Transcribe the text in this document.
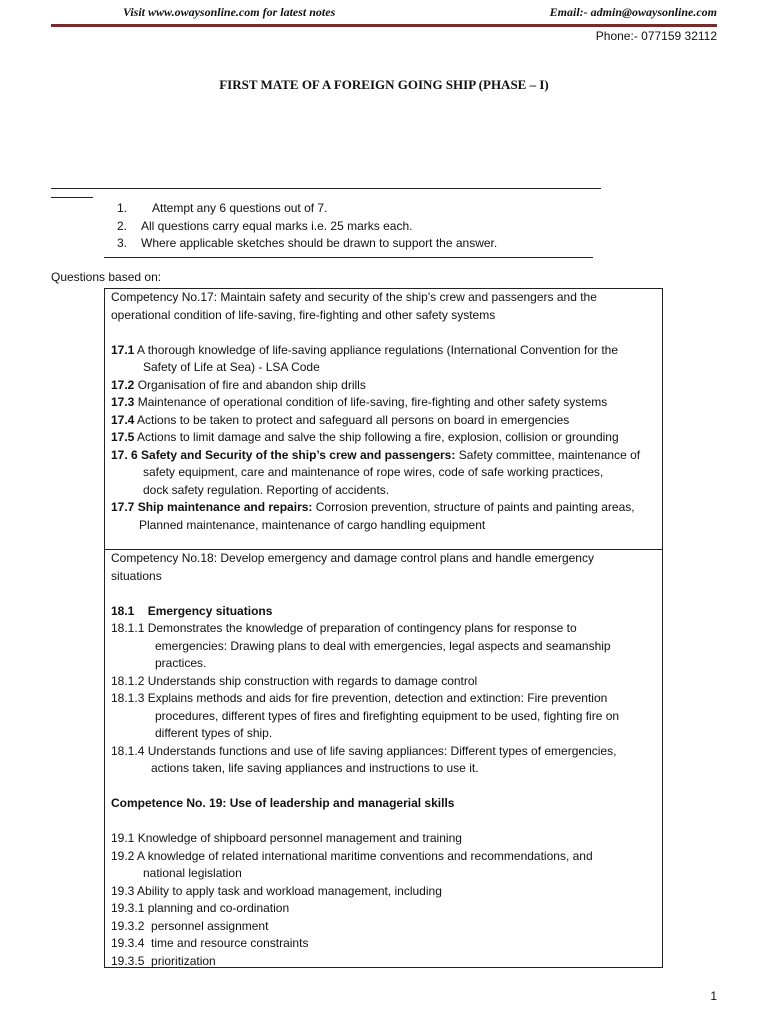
Visit www.owaysonline.com for latest notes	Email:- admin@owaysonline.com
Phone:- 077159 32112
FIRST MATE OF A FOREIGN GOING SHIP (PHASE – I)
1. Attempt any 6 questions out of 7.
2. All questions carry equal marks i.e. 25 marks each.
3. Where applicable sketches should be drawn to support the answer.
Questions based on:
Competency No.17: Maintain safety and security of the ship's crew and passengers and the
operational condition of life-saving, fire-fighting and other safety systems
17.1 A thorough knowledge of life-saving appliance regulations (International Convention for the
Safety of Life at Sea) - LSA Code
17.2 Organisation of fire and abandon ship drills
17.3 Maintenance of operational condition of life-saving, fire-fighting and other safety systems
17.4 Actions to be taken to protect and safeguard all persons on board in emergencies
17.5 Actions to limit damage and salve the ship following a fire, explosion, collision or grounding
17. 6 Safety and Security of the ship’s crew and passengers: Safety committee, maintenance of
safety equipment, care and maintenance of rope wires, code of safe working practices,
dock safety regulation. Reporting of accidents.
17.7 Ship maintenance and repairs: Corrosion prevention, structure of paints and painting areas,
Planned maintenance, maintenance of cargo handling equipment
Competency No.18: Develop emergency and damage control plans and handle emergency
situations
18.1    Emergency situations
18.1.1 Demonstrates the knowledge of preparation of contingency plans for response to
emergencies: Drawing plans to deal with emergencies, legal aspects and seamanship
practices.
18.1.2 Understands ship construction with regards to damage control
18.1.3 Explains methods and aids for fire prevention, detection and extinction: Fire prevention
procedures, different types of fires and firefighting equipment to be used, fighting fire on
different types of ship.
18.1.4 Understands functions and use of life saving appliances: Different types of emergencies,
actions taken, life saving appliances and instructions to use it.
Competence No. 19: Use of leadership and managerial skills
19.1 Knowledge of shipboard personnel management and training
19.2 A knowledge of related international maritime conventions and recommendations, and
national legislation
19.3 Ability to apply task and workload management, including
19.3.1 planning and co-ordination
19.3.2  personnel assignment
19.3.4  time and resource constraints
19.3.5  prioritization
1
